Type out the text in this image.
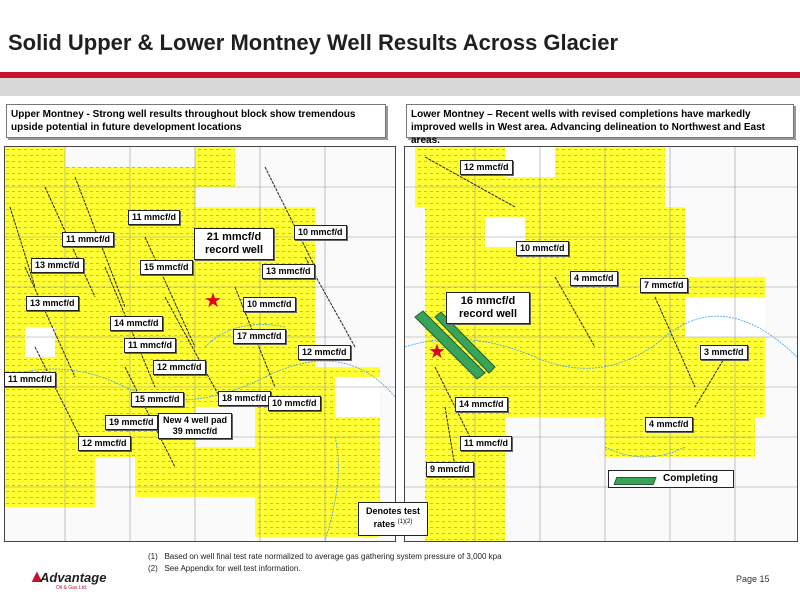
Solid Upper & Lower Montney Well Results Across Glacier
Upper Montney - Strong well results throughout block show tremendous upside potential in future development locations
11 mmcf/d
11 mmcf/d	21 mmcf/d record well
10 mmcf/d
13 mmcf/d	15 mmcf/d	13 mmcf/d
13 mmcf/d	10 mmcf/d
14 mmcf/d
17 mmcf/d
11 mmcf/d
12 mmcf/d
12 mmcf/d
11 mmcf/d
15 mmcf/d	18 mmcf/d 10 mmcf/d
19 mmcf/d	New 4 well pad 39 mmcf/d
12 mmcf/d
★
Lower Montney – Recent wells with revised completions have markedly improved wells in West area. Advancing delineation to Northwest and East areas.
12 mmcf/d
10 mmcf/d
4 mmcf/d
7 mmcf/d
16 mmcf/d record well
3 mmcf/d
14 mmcf/d
4 mmcf/d
11 mmcf/d
9 mmcf/d
★
Completing
Denotes test
rates $^{(1)(2)}$
(1) Based on well final test rate normalized to average gas gathering system pressure of 3,000 kpa
(2) See Appendix for well test information.
▲
Advantage
Oil & Gas Ltd.
Page 15
